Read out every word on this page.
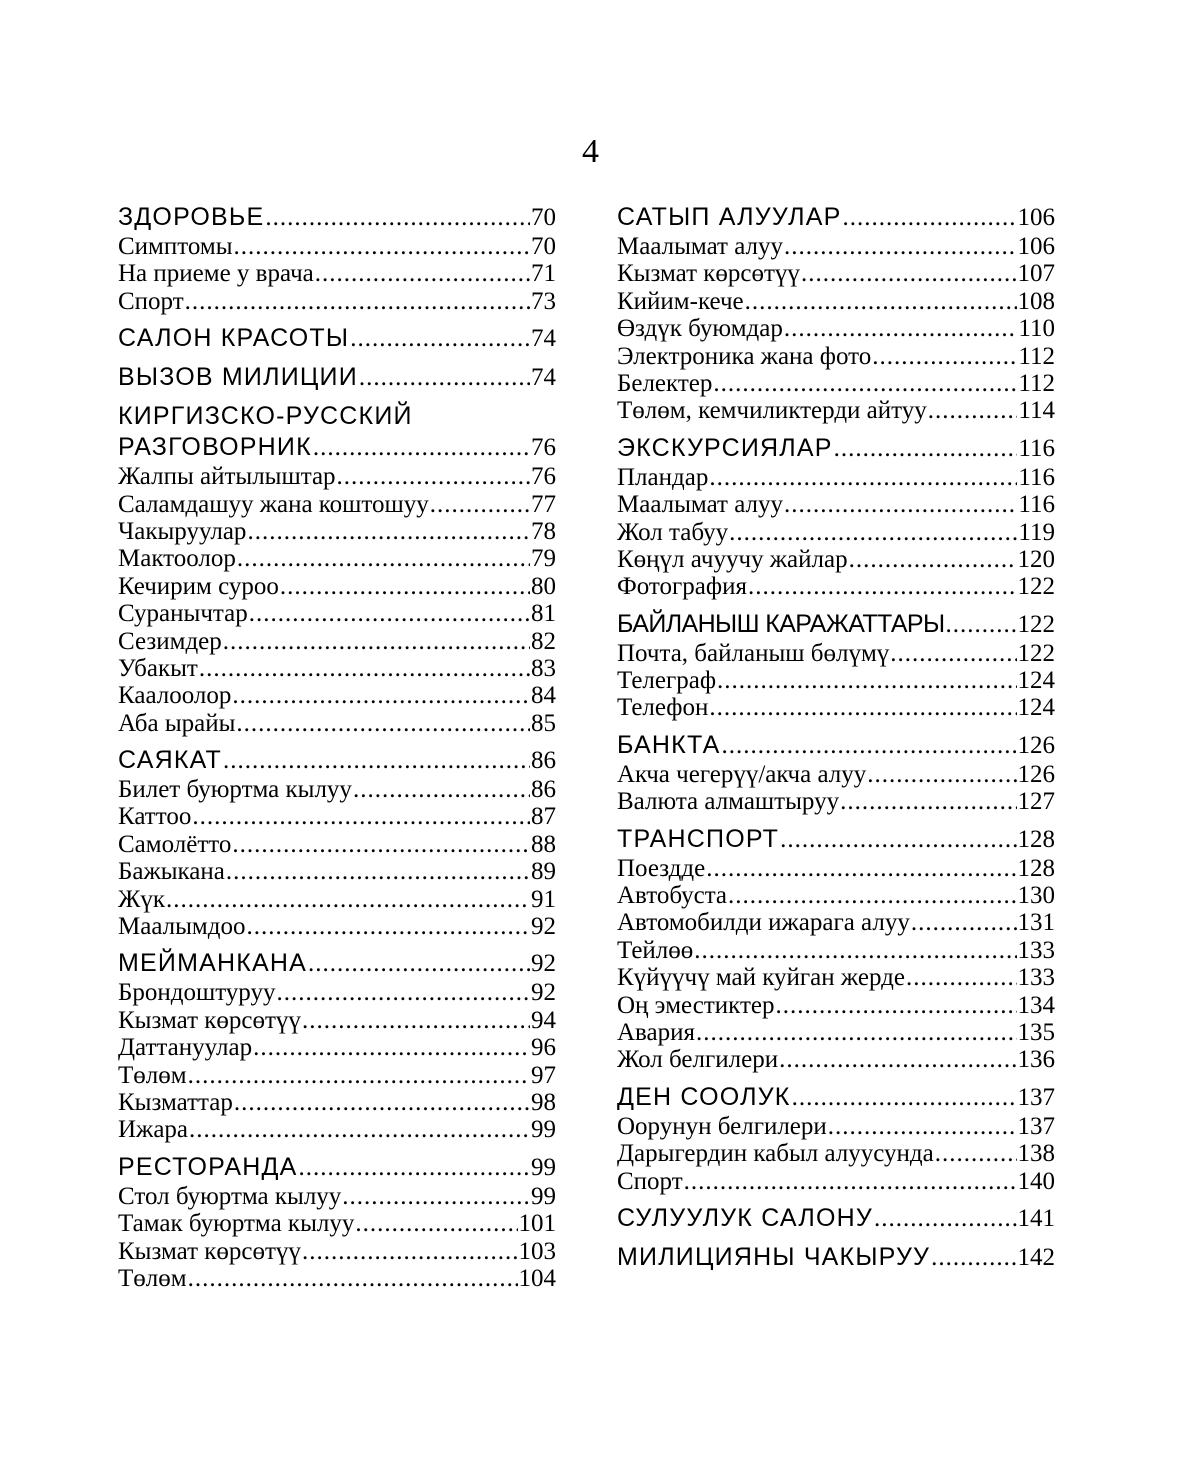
4
ЗДОРОВЬЕ .....	70
Симптомы .....	70
На приеме у врача .....	71
Спорт .....	73
САЛОН КРАСОТЫ .....	74
ВЫЗОВ МИЛИЦИИ .....	74
КИРГИЗСКО-РУССКИЙ
РАЗГОВОРНИК .....	76
Жалпы айтылыштар .....	76
Саламдашуу жана коштошуу .....	77
Чакыруулар .....	78
Мактоолор .....	79
Кечирим суроо .....	80
Суранычтар .....	81
Сезимдер .....	82
Убакыт .....	83
Каалоолор .....	84
Аба ырайы .....	85
САЯКАТ .....	86
Билет буюртма кылуу .....	86
Каттоо .....	87
Самолётто .....	88
Бажыкана .....	89
Жүк .....	91
Маалымдоо .....	92
МЕЙМАНКАНА .....	92
Брондоштуруу .....	92
Кызмат көрсөтүү .....	94
Даттануулар .....	96
Төлөм .....	97
Кызматтар .....	98
Ижара .....	99
РЕСТОРАНДА .....	99
Стол буюртма кылуу .....	99
Тамак буюртма кылуу .....	101
Кызмат көрсөтүү .....	103
Төлөм .....	104
САТЫП АЛУУЛАР .....	106
Маалымат алуу .....	106
Кызмат көрсөтүү .....	107
Кийим-кече .....	108
Өздүк буюмдар .....	110
Электроника жана фото .....	112
Белектер .....	112
Төлөм, кемчиликтерди айтуу .....	114
ЭКСКУРСИЯЛАР .....	116
Пландар .....	116
Маалымат алуу .....	116
Жол табуу .....	119
Көңүл ачуучу жайлар .....	120
Фотография .....	122
БАЙЛАНЫШ КАРАЖАТТАРЫ .....	122
Почта, байланыш бөлүмү .....	122
Телеграф .....	124
Телефон .....	124
БАНКТА .....	126
Акча чегерүү/акча алуу .....	126
Валюта алмаштыруу .....	127
ТРАНСПОРТ .....	128
Поездде .....	128
Автобуста .....	130
Автомобилди ижарага алуу .....	131
Тейлөө .....	133
Күйүүчү май куйган жерде .....	133
Оң эместиктер .....	134
Авария .....	135
Жол белгилери .....	136
ДЕН СООЛУК .....	137
Оорунун белгилери .....	137
Дарыгердин кабыл алуусунда .....	138
Спорт .....	140
СУЛУУЛУК САЛОНУ .....	141
МИЛИЦИЯНЫ ЧАКЫРУУ .....	142
